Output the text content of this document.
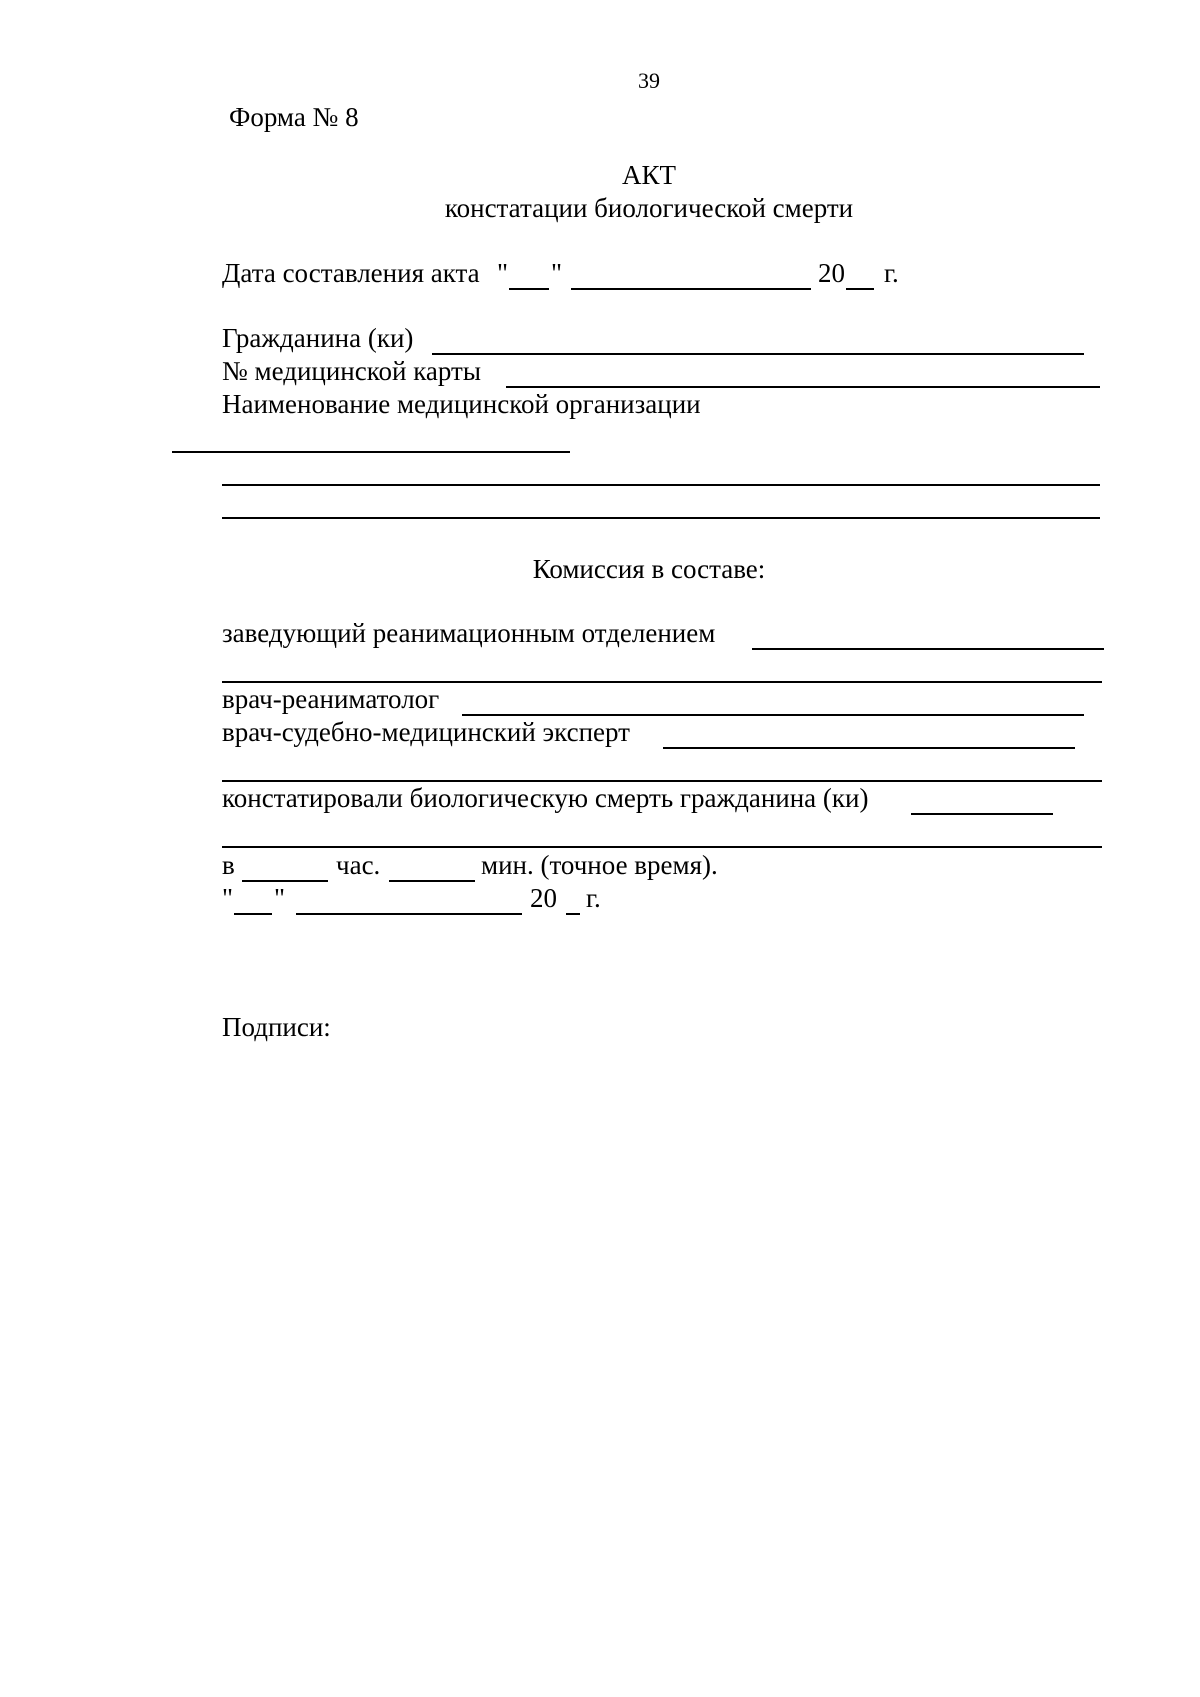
39
Форма № 8
АКТ
констатации биологической смерти
Дата составления акта " "	20 г.
Гражданина (ки)
№ медицинской карты
Наименование медицинской организации
Комиссия в составе:
заведующий реанимационным отделением
врач-реаниматолог
врач-судебно-медицинский эксперт
констатировали биологическую смерть гражданина (ки)
в	час.	мин. (точное время).
" "	20 г.
Подписи:
